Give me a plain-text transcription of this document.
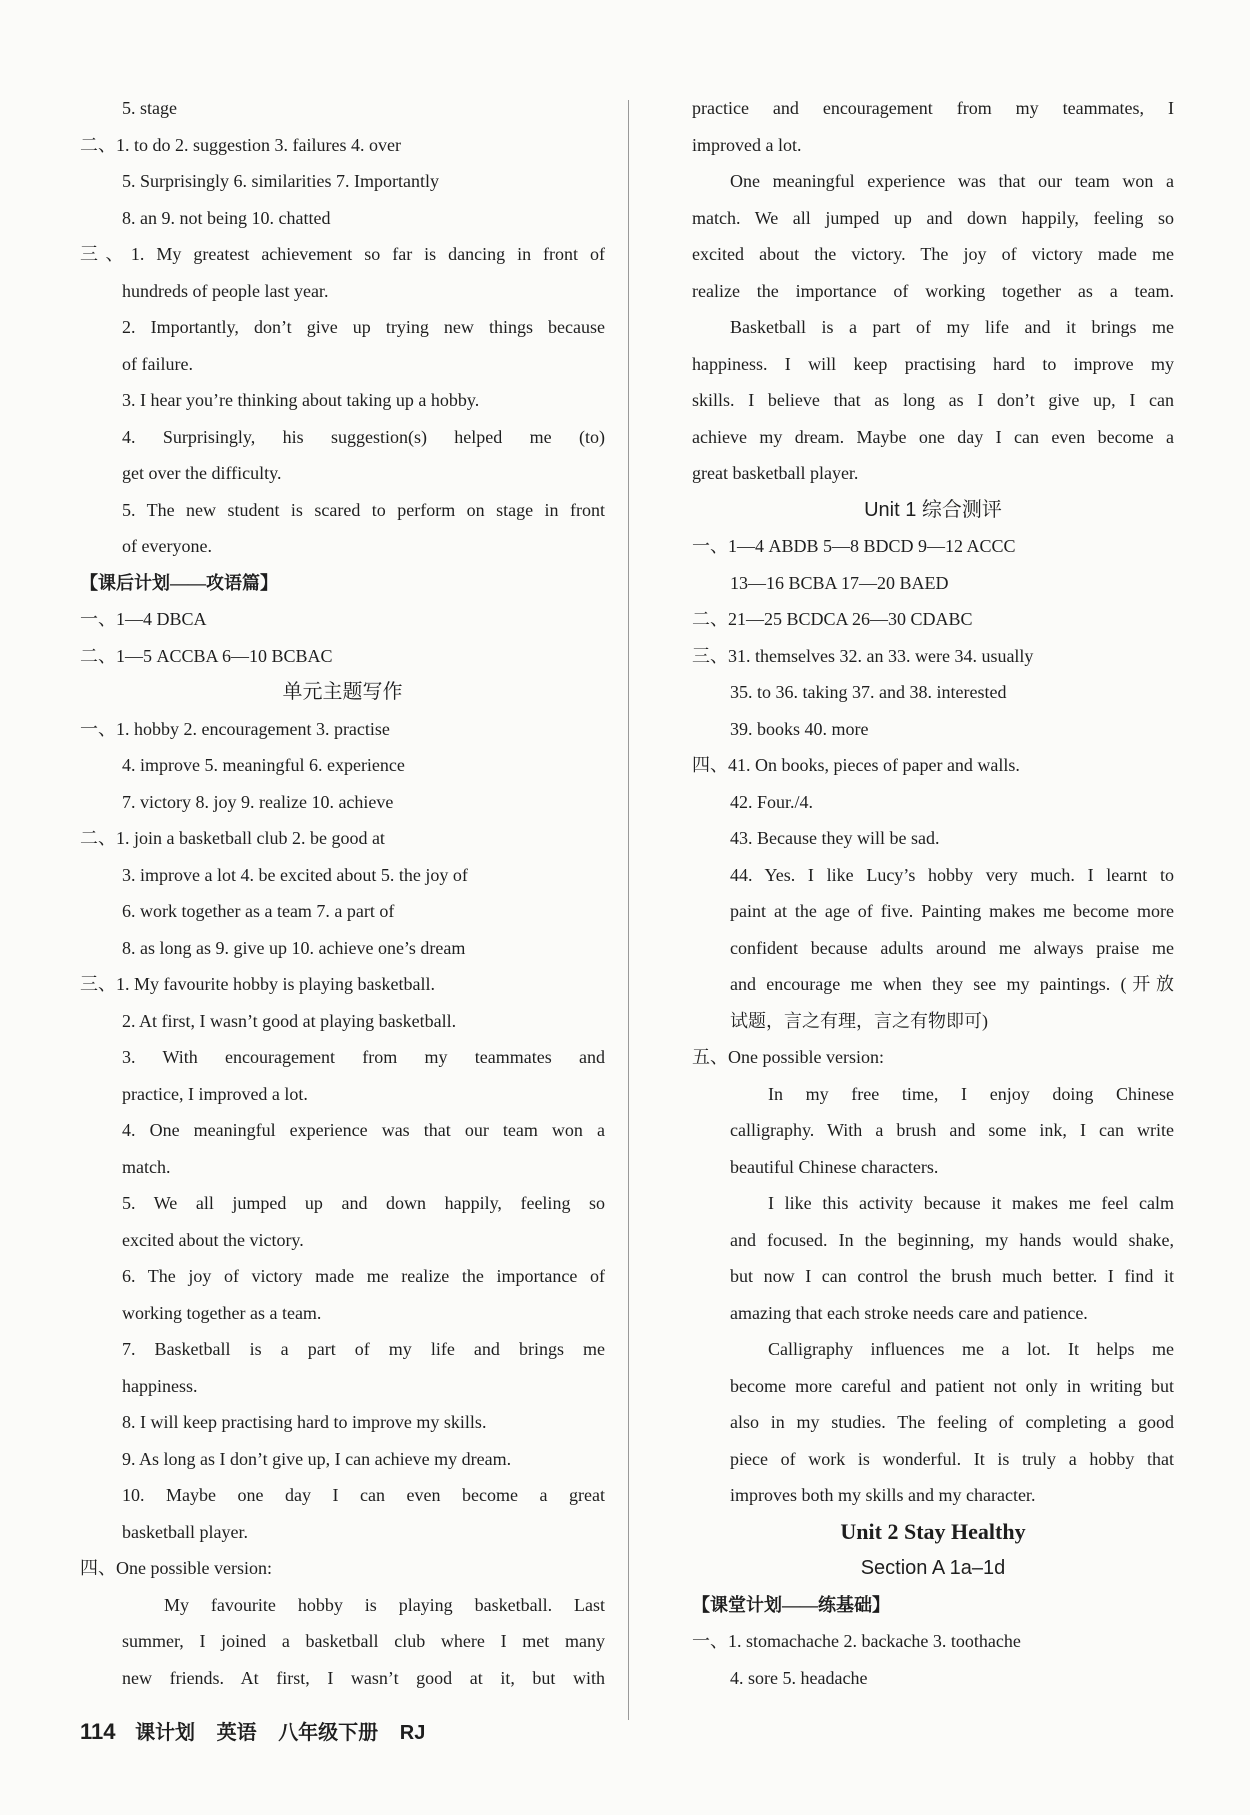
5. stage
二、1. to do 2. suggestion 3. failures 4. over
5. Surprisingly 6. similarities 7. Importantly
8. an 9. not being 10. chatted
三、1. My greatest achievement so far is dancing in front of
hundreds of people last year.
2. Importantly, don’t give up trying new things because
of failure.
3. I hear you’re thinking about taking up a hobby.
4. Surprisingly, his suggestion(s) helped me (to)
get over the difficulty.
5. The new student is scared to perform on stage in front
of everyone.
【课后计划——攻语篇】
一、1—4 DBCA
二、1—5 ACCBA 6—10 BCBAC
单元主题写作
一、1. hobby 2. encouragement 3. practise
4. improve 5. meaningful 6. experience
7. victory 8. joy 9. realize 10. achieve
二、1. join a basketball club 2. be good at
3. improve a lot 4. be excited about 5. the joy of
6. work together as a team 7. a part of
8. as long as 9. give up 10. achieve one’s dream
三、1. My favourite hobby is playing basketball.
2. At first, I wasn’t good at playing basketball.
3. With encouragement from my teammates and
practice, I improved a lot.
4. One meaningful experience was that our team won a
match.
5. We all jumped up and down happily, feeling so
excited about the victory.
6. The joy of victory made me realize the importance of
working together as a team.
7. Basketball is a part of my life and brings me
happiness.
8. I will keep practising hard to improve my skills.
9. As long as I don’t give up, I can achieve my dream.
10. Maybe one day I can even become a great
basketball player.
四、One possible version:
My favourite hobby is playing basketball. Last
summer, I joined a basketball club where I met many
new friends. At first, I wasn’t good at it, but with
practice and encouragement from my teammates, I
improved a lot.
One meaningful experience was that our team won a
match. We all jumped up and down happily, feeling so
excited about the victory. The joy of victory made me
realize the importance of working together as a team.
Basketball is a part of my life and it brings me
happiness. I will keep practising hard to improve my
skills. I believe that as long as I don’t give up, I can
achieve my dream. Maybe one day I can even become a
great basketball player.
Unit 1 综合测评
一、1—4 ABDB 5—8 BDCD 9—12 ACCC
13—16 BCBA 17—20 BAED
二、21—25 BCDCA 26—30 CDABC
三、31. themselves 32. an 33. were 34. usually
35. to 36. taking 37. and 38. interested
39. books 40. more
四、41. On books, pieces of paper and walls.
42. Four./4.
43. Because they will be sad.
44. Yes. I like Lucy’s hobby very much. I learnt to
paint at the age of five. Painting makes me become more
confident because adults around me always praise me
and encourage me when they see my paintings. (开放
试题，言之有理，言之有物即可)
五、One possible version:
In my free time, I enjoy doing Chinese
calligraphy. With a brush and some ink, I can write
beautiful Chinese characters.
I like this activity because it makes me feel calm
and focused. In the beginning, my hands would shake,
but now I can control the brush much better. I find it
amazing that each stroke needs care and patience.
Calligraphy influences me a lot. It helps me
become more careful and patient not only in writing but
also in my studies. The feeling of completing a good
piece of work is wonderful. It is truly a hobby that
improves both my skills and my character.
Unit 2 Stay Healthy
Section A 1a–1d
【课堂计划——练基础】
一、1. stomachache 2. backache 3. toothache
4. sore 5. headache
114 课计划 英语 八年级下册 RJ
